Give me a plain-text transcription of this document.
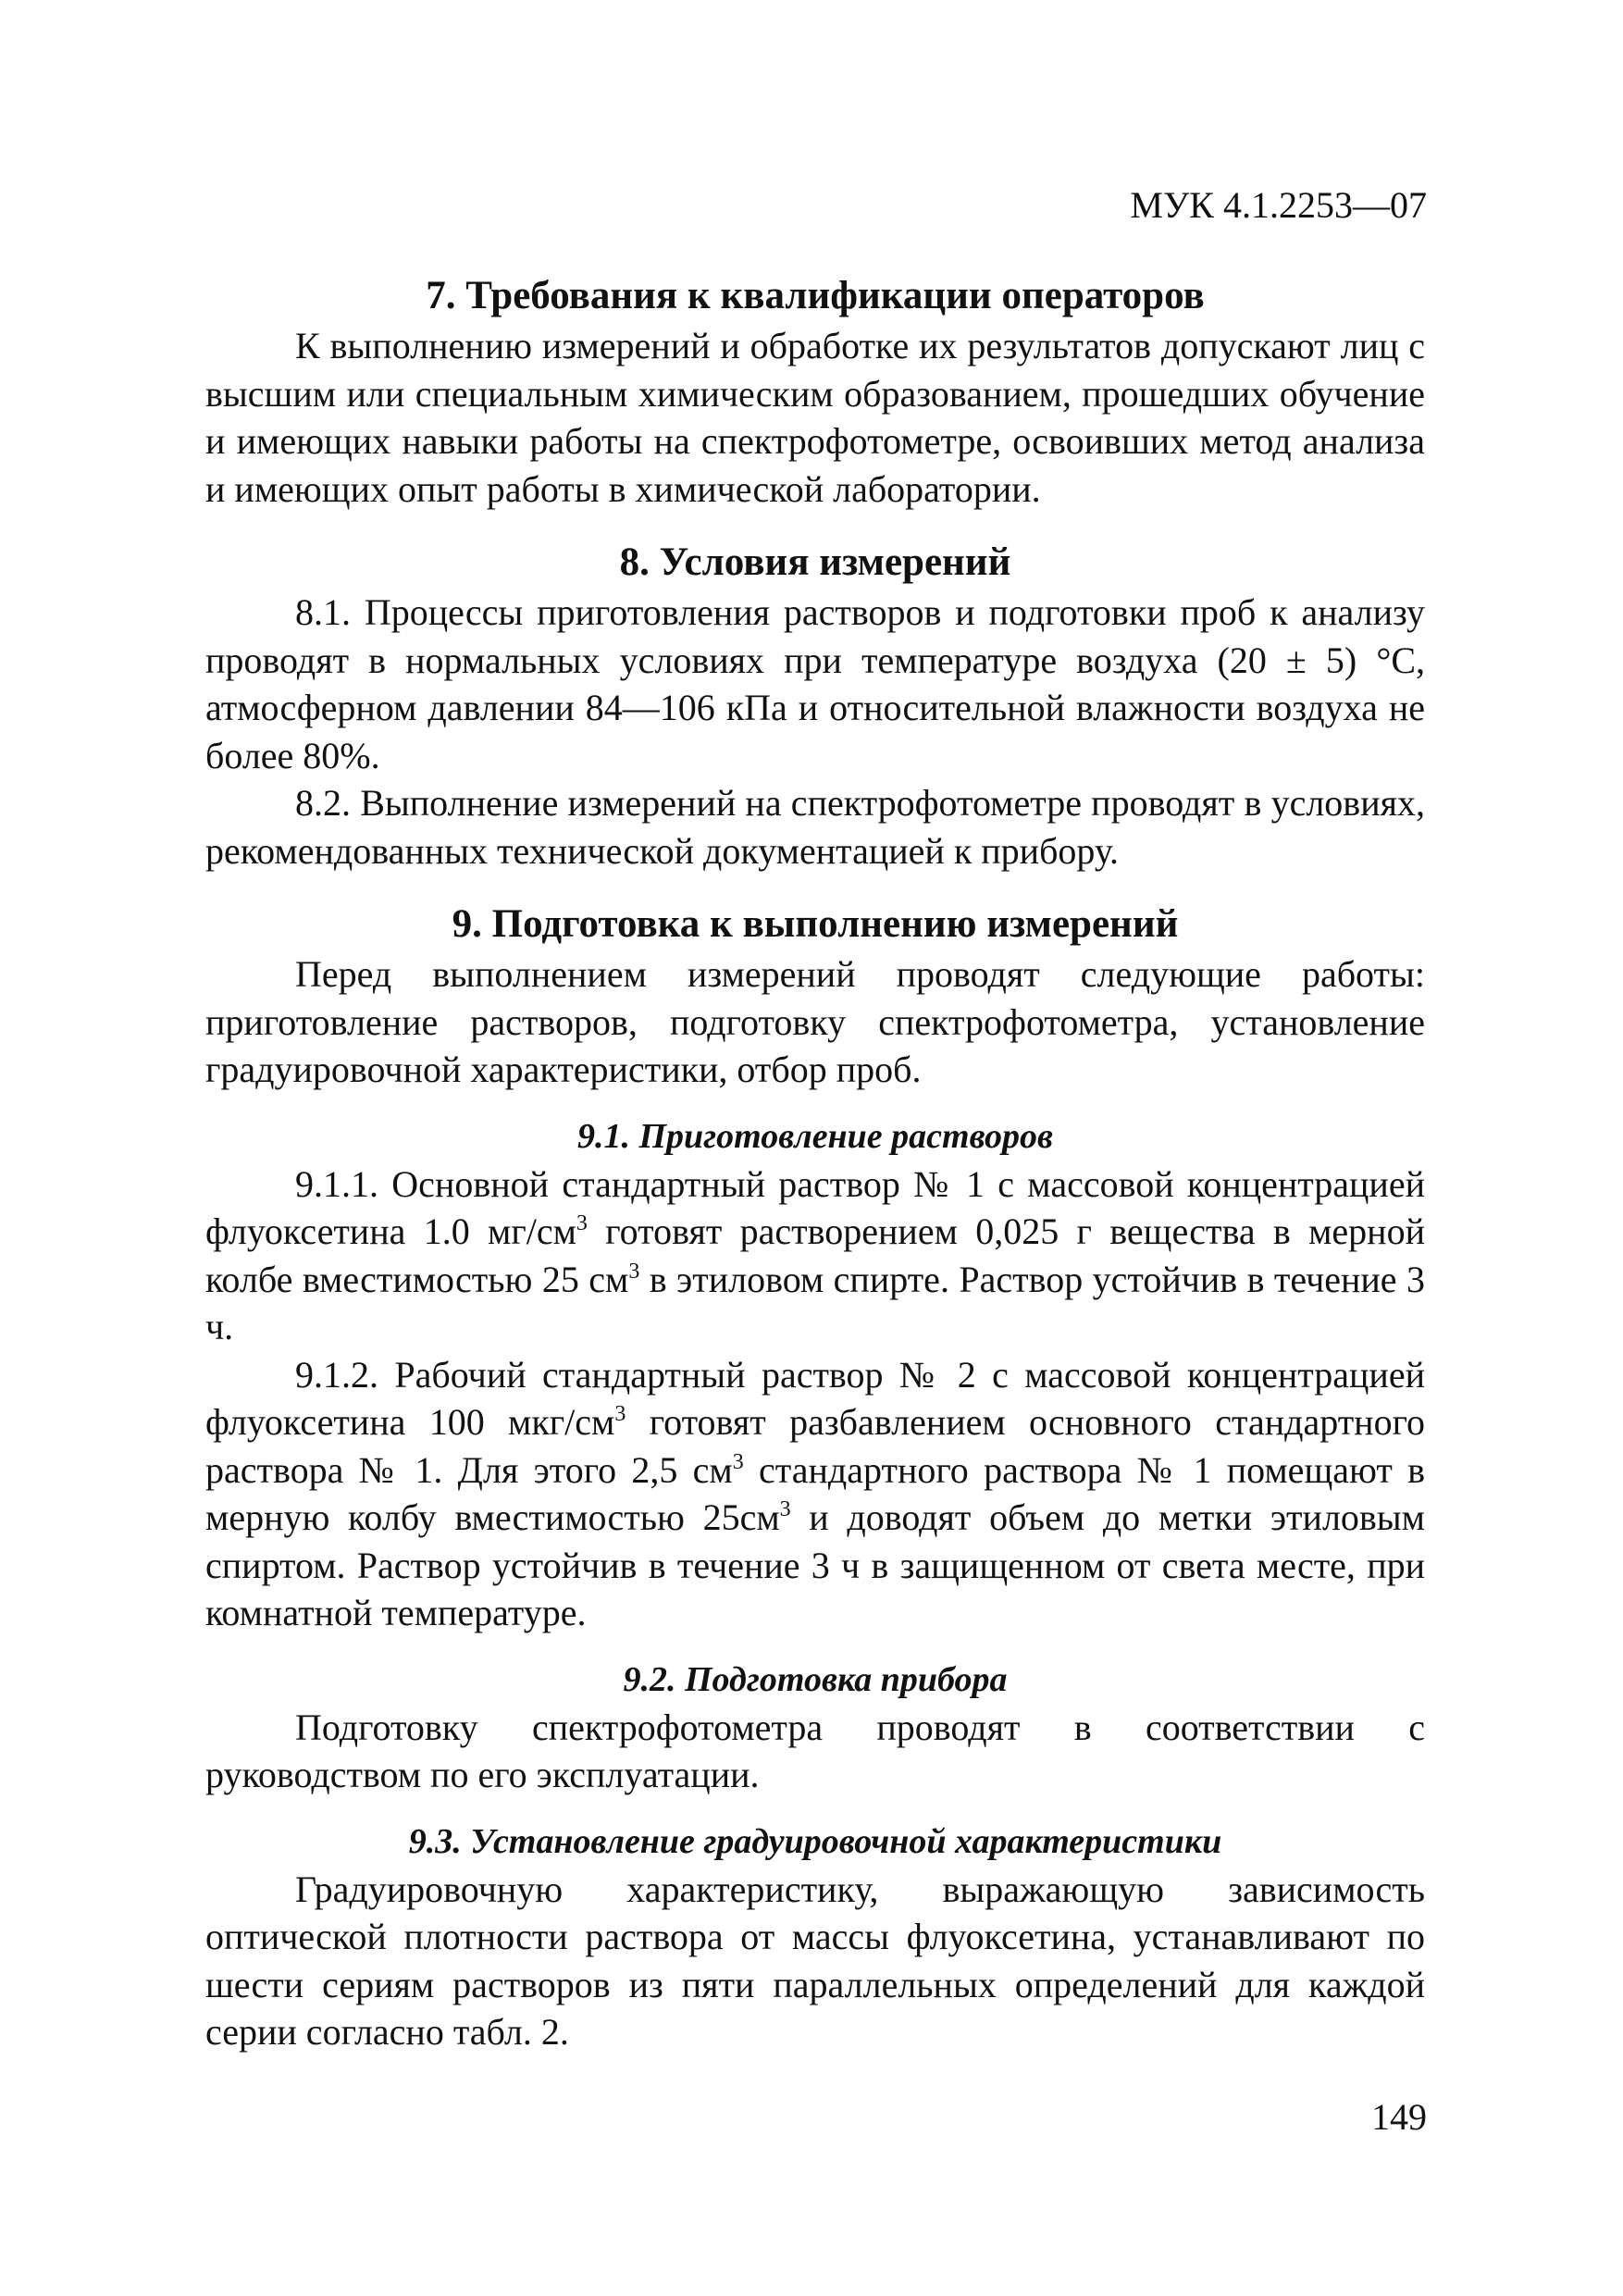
МУК 4.1.2253—07
7. Требования к квалификации операторов

К выполнению измерений и обработке их результатов допускают лиц с высшим или специальным химическим образованием, прошедших обучение и имеющих навыки работы на спектрофотометре, освоивших метод анализа и имеющих опыт работы в химической лаборатории.

8. Условия измерений

8.1. Процессы приготовления растворов и подготовки проб к анализу проводят в нормальных условиях при температуре воздуха (20 ± 5) °С, атмосферном давлении 84—106 кПа и относительной влажности воздуха не более 80%.

8.2. Выполнение измерений на спектрофотометре проводят в условиях, рекомендованных технической документацией к прибору.

9. Подготовка к выполнению измерений

Перед выполнением измерений проводят следующие работы: приготовление растворов, подготовку спектрофотометра, установление градуировочной характеристики, отбор проб.

9.1. Приготовление растворов

9.1.1. Основной стандартный раствор № 1 с массовой концентрацией флуоксетина 1.0 $мг/см^3$ готовят растворением 0,025 г вещества в мерной колбе вместимостью 25 $см^3$ в этиловом спирте. Раствор устойчив в течение 3 ч.

9.1.2. Рабочий стандартный раствор № 2 с массовой концентрацией флуоксетина 100 мкг/$см^3$ готовят разбавлением основного стандартного раствора № 1. Для этого 2,5 $см^3$ стандартного раствора № 1 помещают в мерную колбу вместимостью $25см^3$ и доводят объем до метки этиловым спиртом. Раствор устойчив в течение 3 ч в защищенном от света месте, при комнатной температуре.

9.2. Подготовка прибора

Подготовку спектрофотометра проводят в соответствии с руководством по его эксплуатации.

9.3. Установление градуировочной характеристики

Градуировочную характеристику, выражающую зависимость оптической плотности раствора от массы флуоксетина, устанавливают по шести сериям растворов из пяти параллельных определений для каждой серии согласно табл. 2.

149
